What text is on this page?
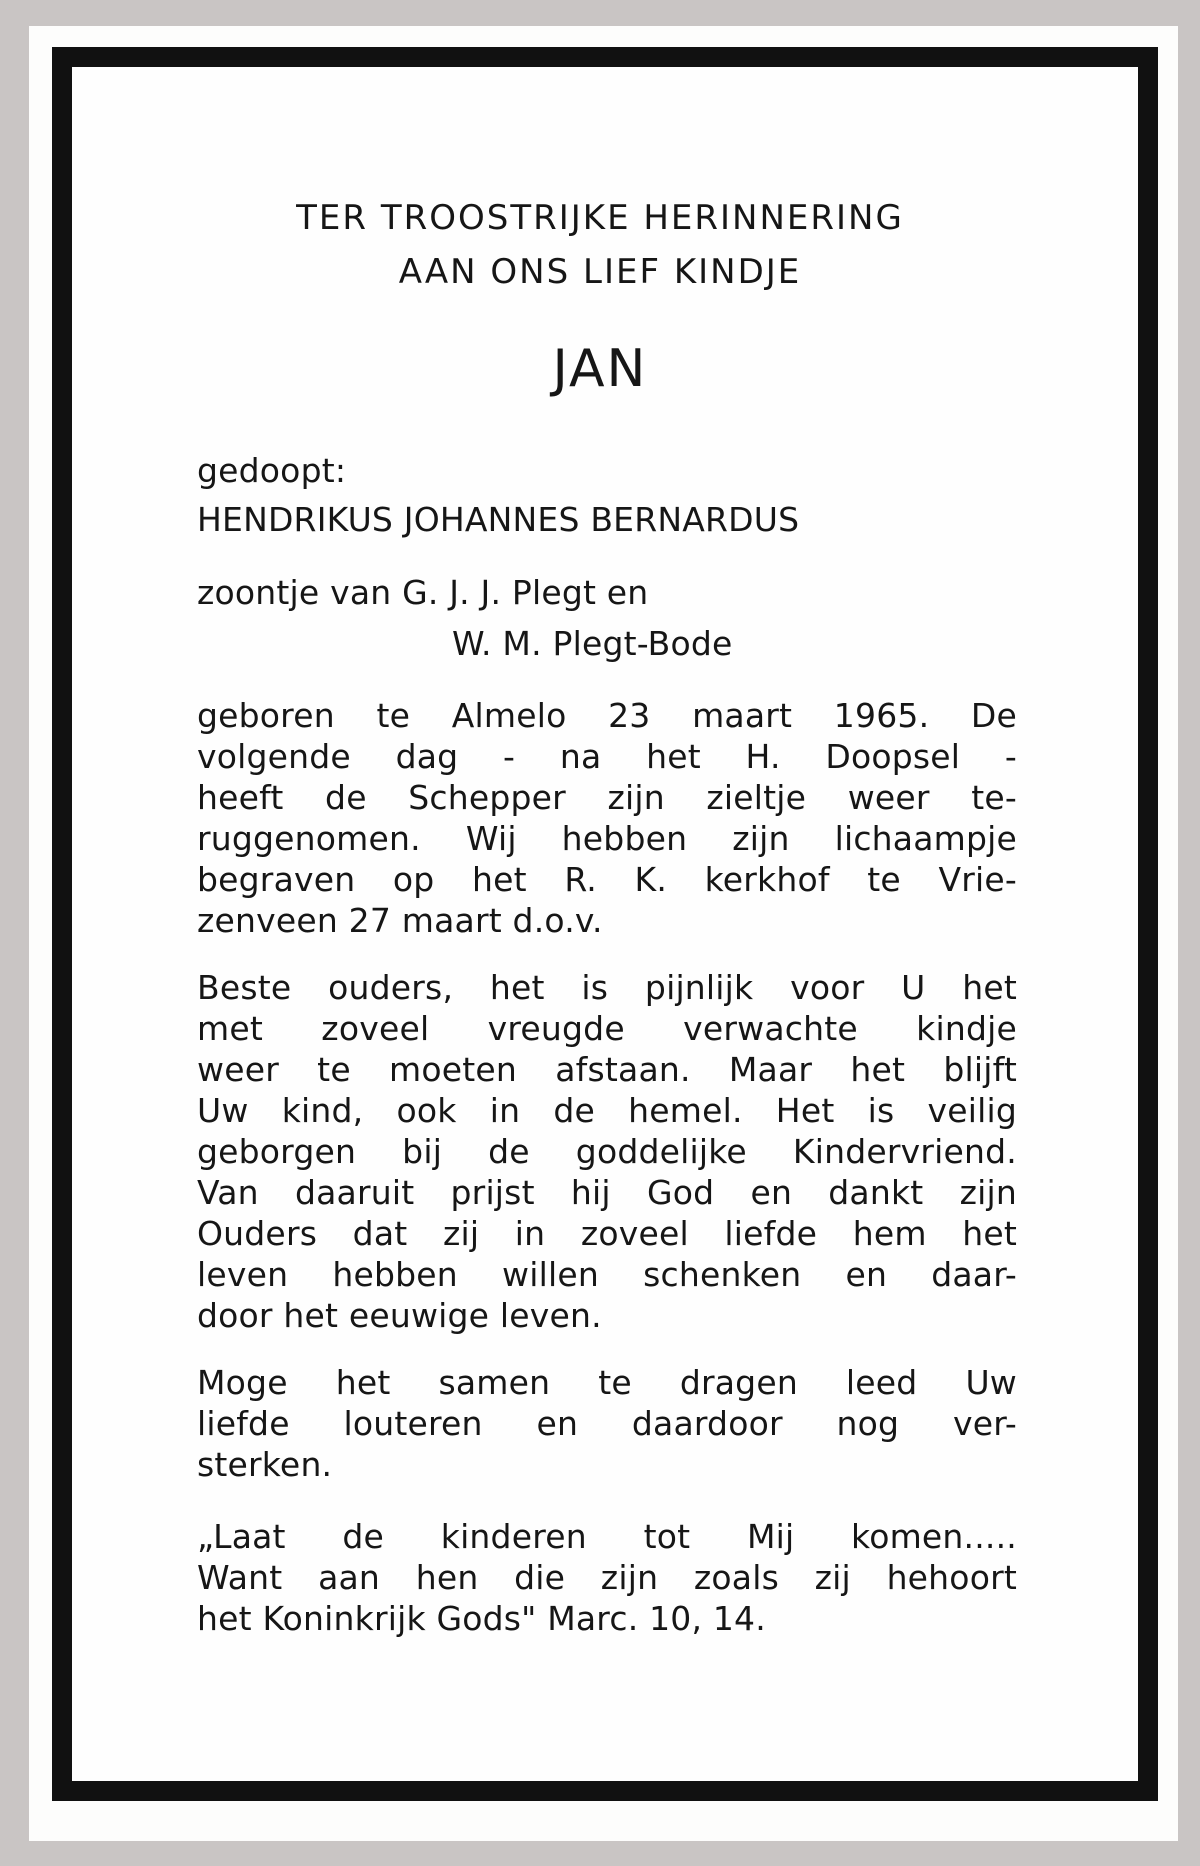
TER TROOSTRIJKE HERINNERING

AAN ONS LIEF KINDJE

JAN

gedoopt:

HENDRIKUS JOHANNES BERNARDUS

zoontje van G. J. J. Plegt en

W. M. Plegt-Bode

geboren te Almelo 23 maart 1965. De

volgende dag - na het H. Doopsel -

heeft de Schepper zijn zieltje weer te-

ruggenomen. Wij hebben zijn lichaampje

begraven op het R. K. kerkhof te Vrie-

zenveen 27 maart d.o.v.

Beste ouders, het is pijnlijk voor U het

met zoveel vreugde verwachte kindje

weer te moeten afstaan. Maar het blijft

Uw kind, ook in de hemel. Het is veilig

geborgen bij de goddelijke Kindervriend.

Van daaruit prijst hij God en dankt zijn

Ouders dat zij in zoveel liefde hem het

leven hebben willen schenken en daar-

door het eeuwige leven.

Moge het samen te dragen leed Uw

liefde louteren en daardoor nog ver-

sterken.

„Laat de kinderen tot Mij komen.....

Want aan hen die zijn zoals zij hehoort

het Koninkrijk Gods" Marc. 10, 14.
